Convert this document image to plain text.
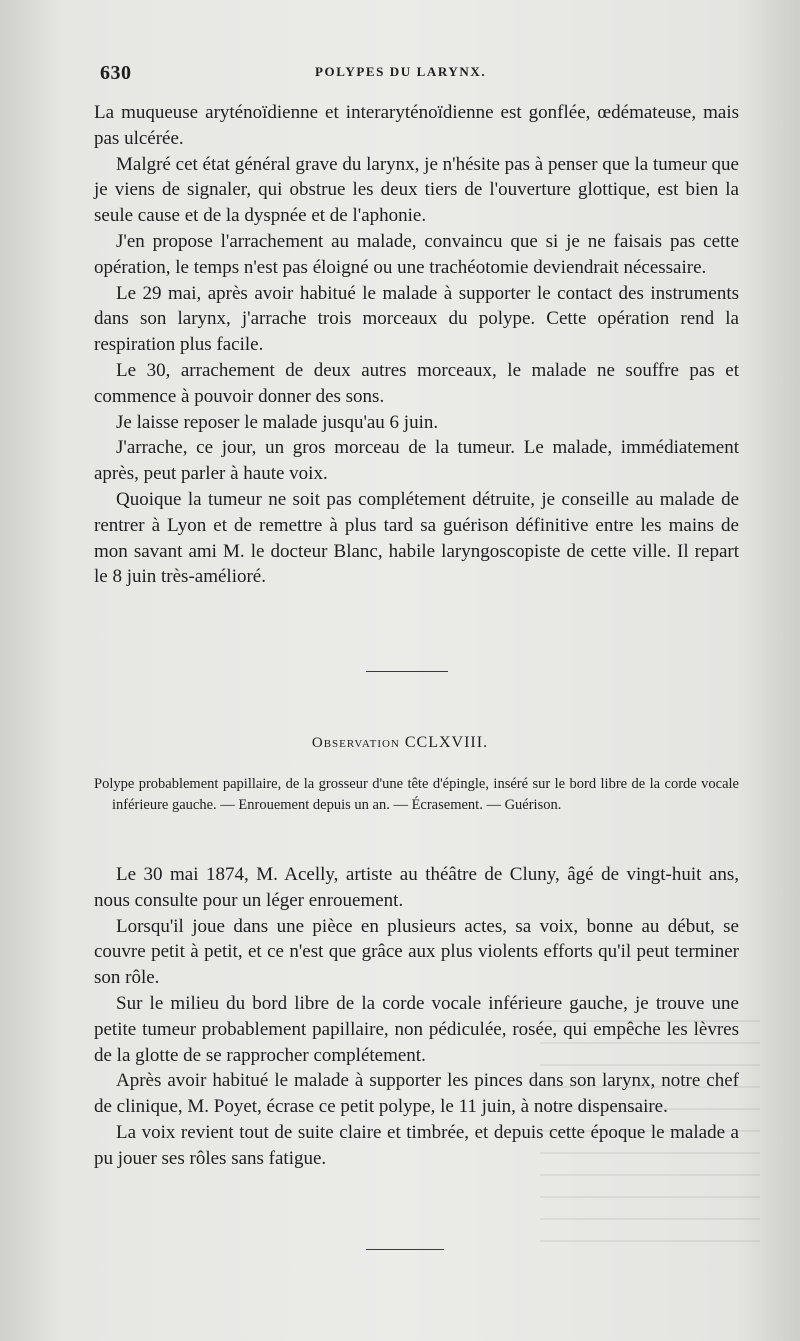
630	POLYPES DU LARYNX.

La muqueuse aryténoïdienne et interaryténoïdienne est gonflée, œdémateuse, mais pas ulcérée.

Malgré cet état général grave du larynx, je n'hésite pas à penser que la tumeur que je viens de signaler, qui obstrue les deux tiers de l'ouverture glottique, est bien la seule cause et de la dyspnée et de l'aphonie.

J'en propose l'arrachement au malade, convaincu que si je ne faisais pas cette opération, le temps n'est pas éloigné ou une trachéotomie deviendrait nécessaire.

Le 29 mai, après avoir habitué le malade à supporter le contact des instruments dans son larynx, j'arrache trois morceaux du polype. Cette opération rend la respiration plus facile.

Le 30, arrachement de deux autres morceaux, le malade ne souffre pas et commence à pouvoir donner des sons.

Je laisse reposer le malade jusqu'au 6 juin.

J'arrache, ce jour, un gros morceau de la tumeur. Le malade, immédiatement après, peut parler à haute voix.

Quoique la tumeur ne soit pas complétement détruite, je conseille au malade de rentrer à Lyon et de remettre à plus tard sa guérison définitive entre les mains de mon savant ami M. le docteur Blanc, habile laryngoscopiste de cette ville. Il repart le 8 juin très-amélioré.

Observation CCLXVIII.
Polype probablement papillaire, de la grosseur d'une tête d'épingle, inséré sur le bord libre de la corde vocale inférieure gauche. — Enrouement depuis un an. — Écrasement. — Guérison.

Le 30 mai 1874, M. Acelly, artiste au théâtre de Cluny, âgé de vingt-huit ans, nous consulte pour un léger enrouement.

Lorsqu'il joue dans une pièce en plusieurs actes, sa voix, bonne au début, se couvre petit à petit, et ce n'est que grâce aux plus violents efforts qu'il peut terminer son rôle.

Sur le milieu du bord libre de la corde vocale inférieure gauche, je trouve une petite tumeur probablement papillaire, non pédiculée, rosée, qui empêche les lèvres de la glotte de se rapprocher complétement.

Après avoir habitué le malade à supporter les pinces dans son larynx, notre chef de clinique, M. Poyet, écrase ce petit polype, le 11 juin, à notre dispensaire.

La voix revient tout de suite claire et timbrée, et depuis cette époque le malade a pu jouer ses rôles sans fatigue.
